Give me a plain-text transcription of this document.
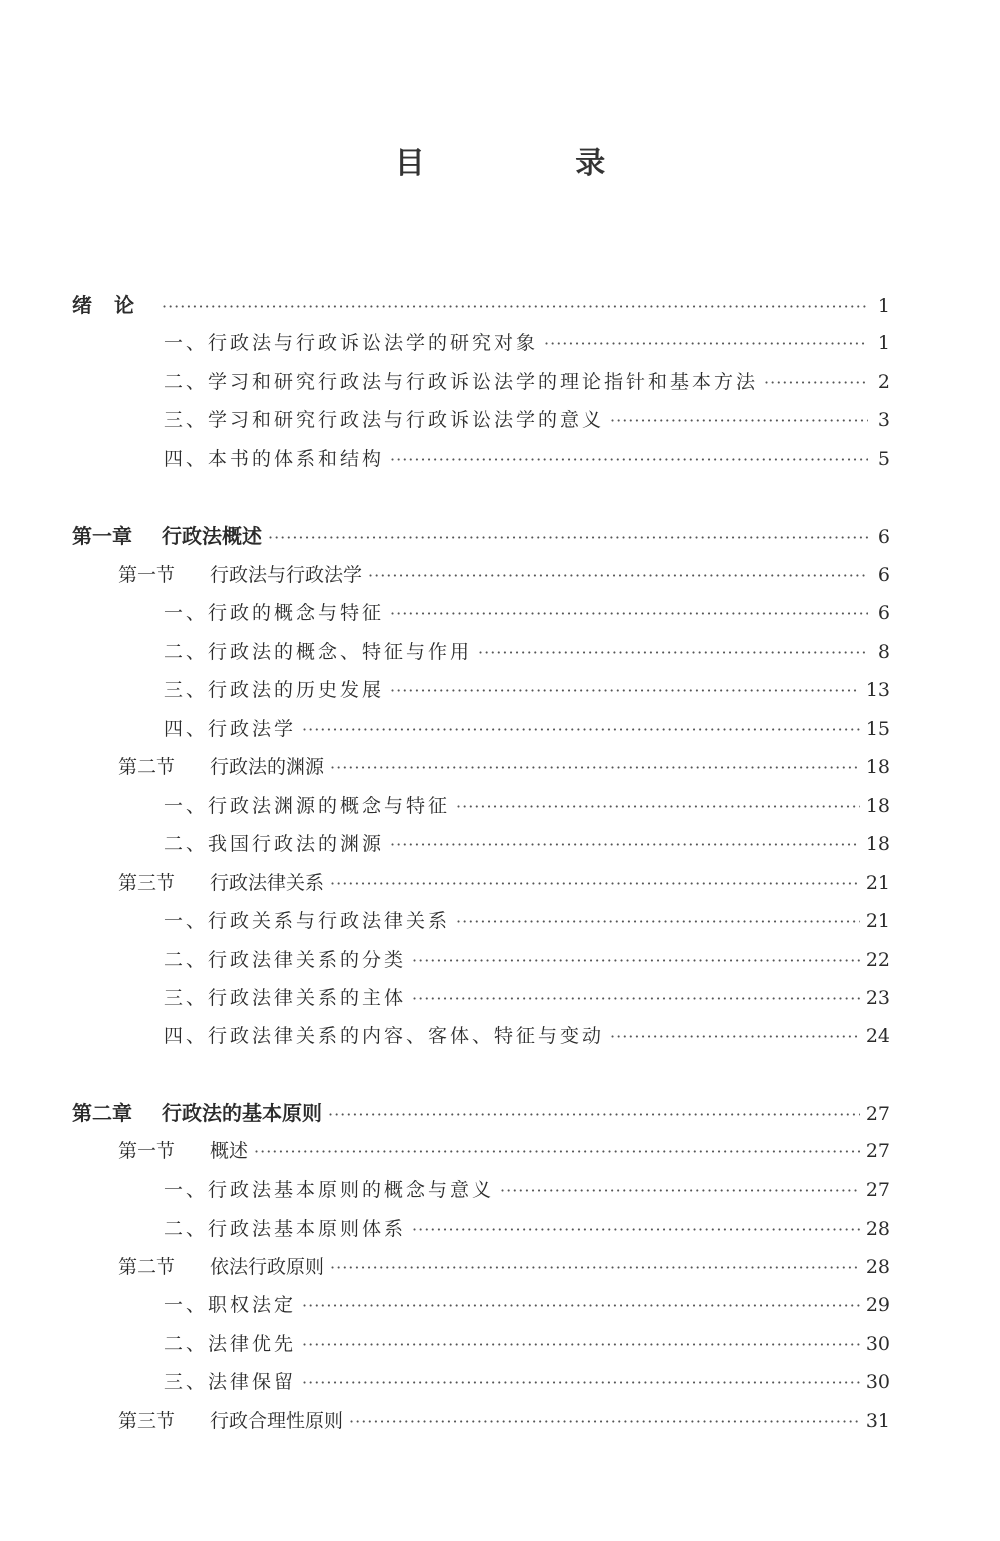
目 录
绪论 ·····	1
一、行政法与行政诉讼法学的研究对象 ·····	1
二、学习和研究行政法与行政诉讼法学的理论指针和基本方法 ·····	2
三、学习和研究行政法与行政诉讼法学的意义 ·····	3
四、本书的体系和结构 ·····	5
第一章 行政法概述 ·····	6
第一节 行政法与行政法学 ·····	6
一、行政的概念与特征 ·····	6
二、行政法的概念、特征与作用 ·····	8
三、行政法的历史发展 ·····	13
四、行政法学 ·····	15
第二节 行政法的渊源 ·····	18
一、行政法渊源的概念与特征 ·····	18
二、我国行政法的渊源 ·····	18
第三节 行政法律关系 ·····	21
一、行政关系与行政法律关系 ·····	21
二、行政法律关系的分类 ·····	22
三、行政法律关系的主体 ·····	23
四、行政法律关系的内容、客体、特征与变动 ·····	24
第二章 行政法的基本原则 ·····	27
第一节 概述 ·····	27
一、行政法基本原则的概念与意义 ·····	27
二、行政法基本原则体系 ·····	28
第二节 依法行政原则 ·····	28
一、职权法定 ·····	29
二、法律优先 ·····	30
三、法律保留 ·····	30
第三节 行政合理性原则 ·····	31
